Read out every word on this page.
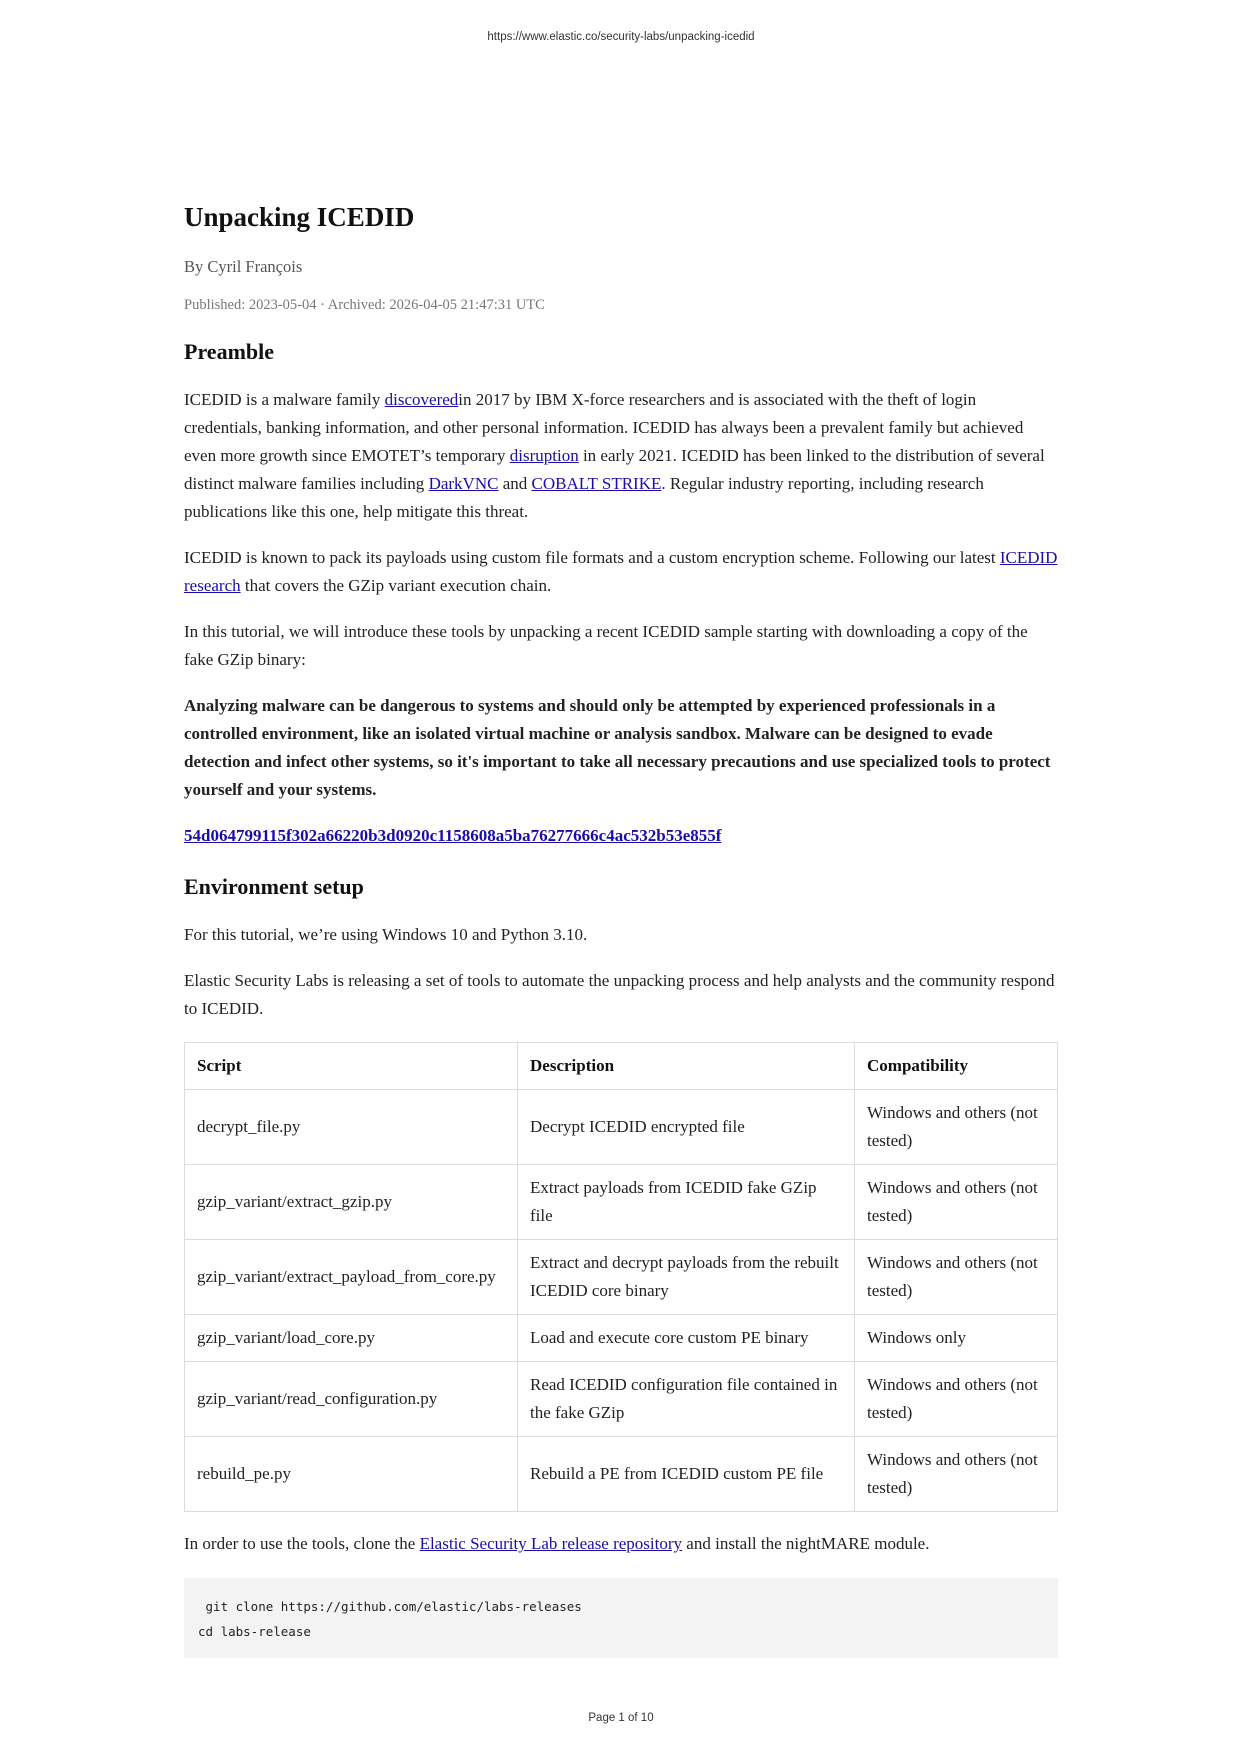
https://www.elastic.co/security-labs/unpacking-icedid
Unpacking ICEDID
By Cyril François
Published: 2023-05-04 · Archived: 2026-04-05 21:47:31 UTC
Preamble

ICEDID is a malware family discoveredin 2017 by IBM X-force researchers and is associated with the theft of login credentials, banking information, and other personal information. ICEDID has always been a prevalent family but achieved even more growth since EMOTET’s temporary disruption in early 2021. ICEDID has been linked to the distribution of several distinct malware families including DarkVNC and COBALT STRIKE. Regular industry reporting, including research publications like this one, help mitigate this threat.

ICEDID is known to pack its payloads using custom file formats and a custom encryption scheme. Following our latest ICEDID research that covers the GZip variant execution chain.

In this tutorial, we will introduce these tools by unpacking a recent ICEDID sample starting with downloading a copy of the fake GZip binary:

Analyzing malware can be dangerous to systems and should only be attempted by experienced professionals in a controlled environment, like an isolated virtual machine or analysis sandbox. Malware can be designed to evade detection and infect other systems, so it's important to take all necessary precautions and use specialized tools to protect yourself and your systems.

54d064799115f302a66220b3d0920c1158608a5ba76277666c4ac532b53e855f

Environment setup

For this tutorial, we’re using Windows 10 and Python 3.10.

Elastic Security Labs is releasing a set of tools to automate the unpacking process and help analysts and the community respond to ICEDID.

Script	Description	Compatibility
decrypt_file.py	Decrypt ICEDID encrypted file	Windows and others (not tested)
gzip_variant/extract_gzip.py	Extract payloads from ICEDID fake GZip file	Windows and others (not tested)
gzip_variant/extract_payload_from_core.py	Extract and decrypt payloads from the rebuilt ICEDID core binary	Windows and others (not tested)
gzip_variant/load_core.py	Load and execute core custom PE binary	Windows only
gzip_variant/read_configuration.py	Read ICEDID configuration file contained in the fake GZip	Windows and others (not tested)
rebuild_pe.py	Rebuild a PE from ICEDID custom PE file	Windows and others (not tested)

In order to use the tools, clone the Elastic Security Lab release repository and install the nightMARE module.

git clone https://github.com/elastic/labs-releases
cd labs-release
Page 1 of 10
